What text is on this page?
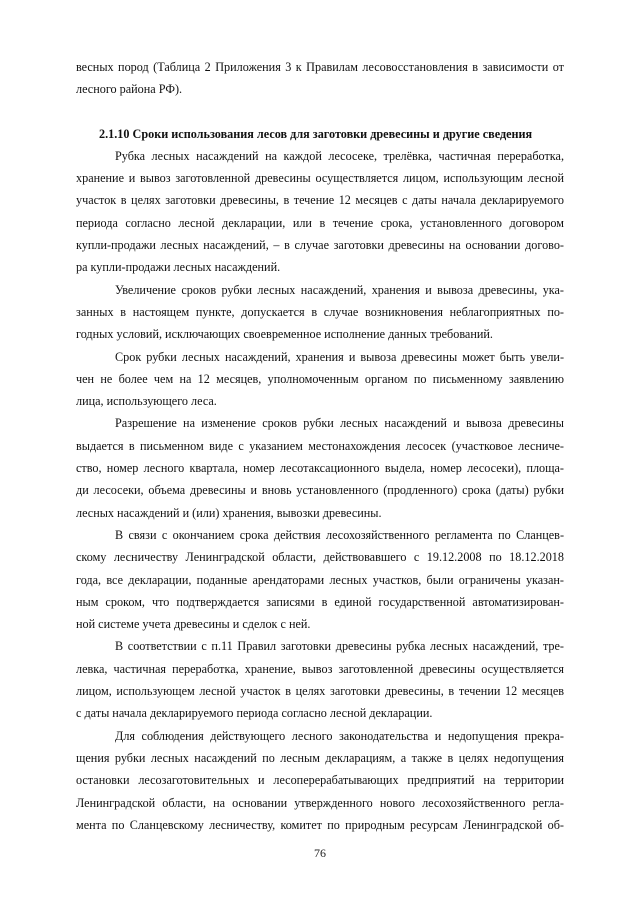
весных пород (Таблица 2 Приложения 3 к Правилам лесовосстановления в зависимости от
лесного района РФ).
2.1.10 Сроки использования лесов для заготовки древесины и другие сведения
Рубка лесных насаждений на каждой лесосеке, трелёвка, частичная переработка,
хранение и вывоз заготовленной древесины осуществляется лицом, использующим лесной
участок в целях заготовки древесины, в течение 12 месяцев с даты начала декларируемого
периода согласно лесной декларации, или в течение срока, установленного договором
купли-продажи лесных насаждений, – в случае заготовки древесины на основании догово-
ра купли-продажи лесных насаждений.
Увеличение сроков рубки лесных насаждений, хранения и вывоза древесины, ука-
занных в настоящем пункте, допускается в случае возникновения неблагоприятных по-
годных условий, исключающих своевременное исполнение данных требований.
Срок рубки лесных насаждений, хранения и вывоза древесины может быть увели-
чен не более чем на 12 месяцев, уполномоченным органом по письменному заявлению
лица, использующего леса.
Разрешение на изменение сроков рубки лесных насаждений и вывоза древесины
выдается в письменном виде с указанием местонахождения лесосек (участковое лесниче-
ство, номер лесного квартала, номер лесотаксационного выдела, номер лесосеки), площа-
ди лесосеки, объема древесины и вновь установленного (продленного) срока (даты) рубки
лесных насаждений и (или) хранения, вывозки древесины.
В связи с окончанием срока действия лесохозяйственного регламента по Сланцев-
скому лесничеству Ленинградской области, действовавшего с 19.12.2008 по 18.12.2018
года, все декларации, поданные арендаторами лесных участков, были ограничены указан-
ным сроком, что подтверждается записями в единой государственной автоматизирован-
ной системе учета древесины и сделок с ней.
В соответствии с п.11 Правил заготовки древесины рубка лесных насаждений, тре-
левка, частичная переработка, хранение, вывоз заготовленной древесины осуществляется
лицом, использующем лесной участок в целях заготовки древесины, в течении 12 месяцев
с даты начала декларируемого периода согласно лесной декларации.
Для соблюдения действующего лесного законодательства и недопущения прекра-
щения рубки лесных насаждений по лесным декларациям, а также в целях недопущения
остановки лесозаготовительных и лесоперерабатывающих предприятий на территории
Ленинградской области, на основании утвержденного нового лесохозяйственного регла-
мента по Сланцевскому лесничеству, комитет по природным ресурсам Ленинградской об-
76
